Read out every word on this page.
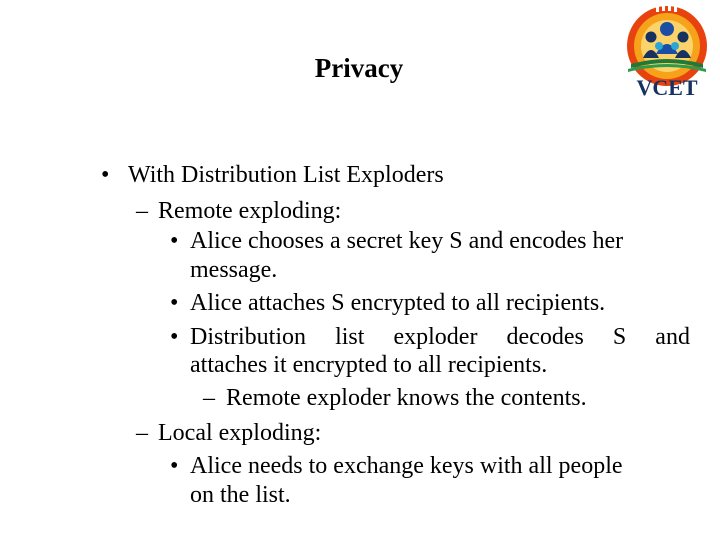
Privacy
VCET
• With Distribution List Exploders
– Remote exploding:
• Alice chooses a secret key S and encodes her
message.
• Alice attaches S encrypted to all recipients.
• Distribution list exploder decodes S and
attaches it encrypted to all recipients.
– Remote exploder knows the contents.
– Local exploding:
• Alice needs to exchange keys with all people
on the list.
